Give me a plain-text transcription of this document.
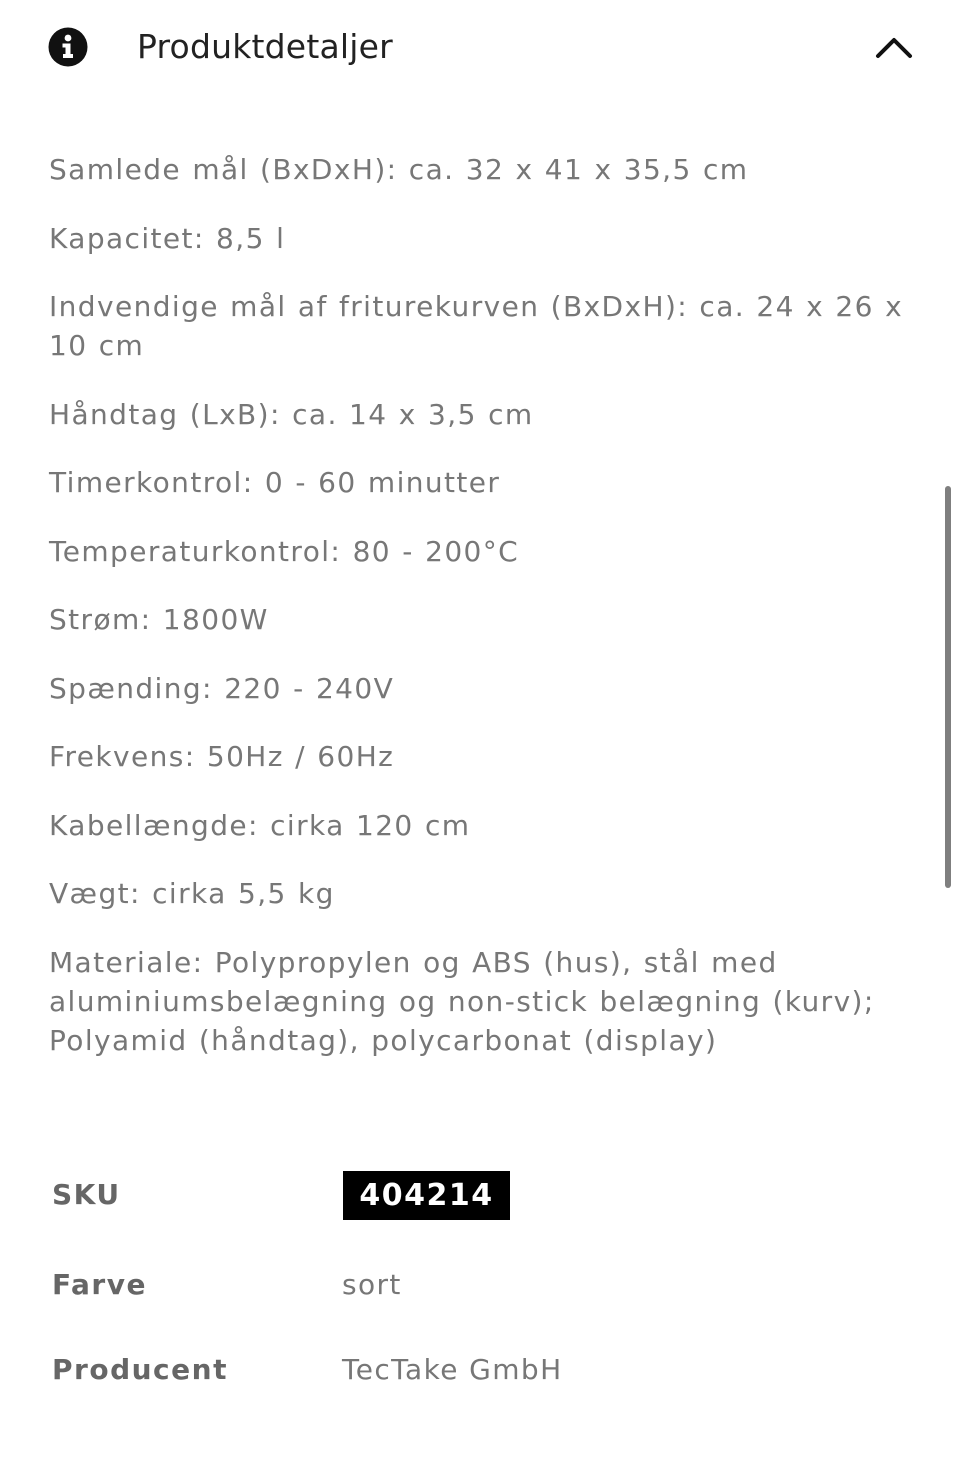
Produktdetaljer

Samlede mål (BxDxH): ca. 32 x 41 x 35,5 cm

Kapacitet: 8,5 l

Indvendige mål af friturekurven (BxDxH): ca. 24 x 26 x 10 cm

Håndtag (LxB): ca. 14 x 3,5 cm

Timerkontrol: 0 - 60 minutter

Temperaturkontrol: 80 - 200°C

Strøm: 1800W

Spænding: 220 - 240V

Frekvens: 50Hz / 60Hz

Kabellængde: cirka 120 cm

Vægt: cirka 5,5 kg

Materiale: Polypropylen og ABS (hus), stål med aluminiumsbelægning og non-stick belægning (kurv); Polyamid (håndtag), polycarbonat (display)

SKU	404214
Farve	sort
Producent	TecTake GmbH
